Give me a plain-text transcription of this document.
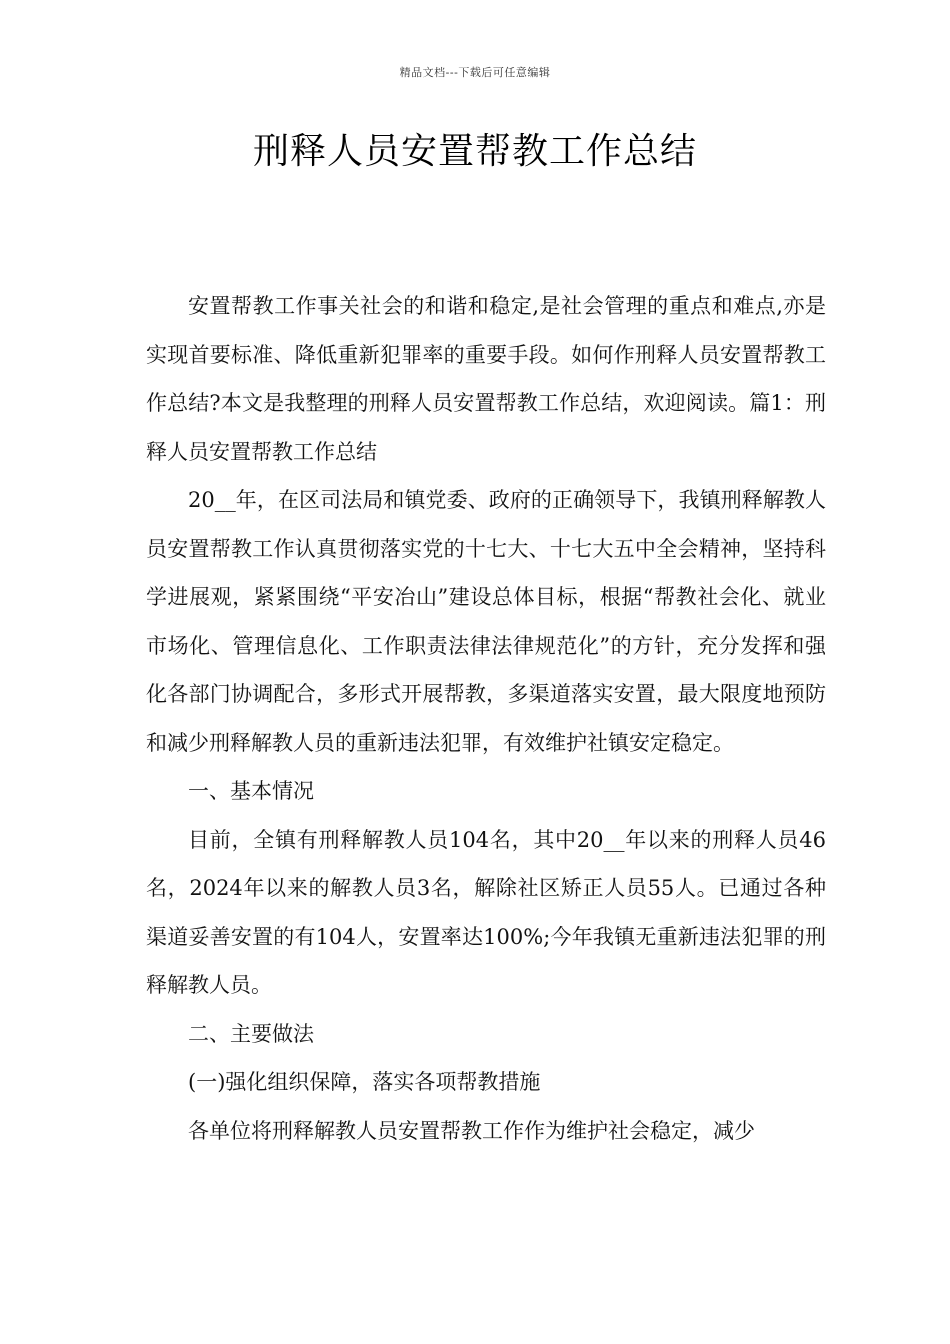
精品文档---下载后可任意编辑
刑释人员安置帮教工作总结

安置帮教工作事关社会的和谐和稳定,是社会管理的重点和难点,亦是实现首要标准、降低重新犯罪率的重要手段。如何作刑释人员安置帮教工作总结?本文是我整理的刑释人员安置帮教工作总结，欢迎阅读。篇1：刑释人员安置帮教工作总结

20__年，在区司法局和镇党委、政府的正确领导下，我镇刑释解教人员安置帮教工作认真贯彻落实党的十七大、十七大五中全会精神，坚持科学进展观，紧紧围绕“平安冶山”建设总体目标，根据“帮教社会化、就业市场化、管理信息化、工作职责法律法律规范化”的方针，充分发挥和强化各部门协调配合，多形式开展帮教，多渠道落实安置，最大限度地预防和减少刑释解教人员的重新违法犯罪，有效维护社镇安定稳定。

一、基本情况

目前，全镇有刑释解教人员104名，其中20__年以来的刑释人员46名，2024年以来的解教人员3名，解除社区矫正人员55人。已通过各种渠道妥善安置的有104人，安置率达100%;今年我镇无重新违法犯罪的刑释解教人员。

二、主要做法

(一)强化组织保障，落实各项帮教措施

各单位将刑释解教人员安置帮教工作作为维护社会稳定，减少
